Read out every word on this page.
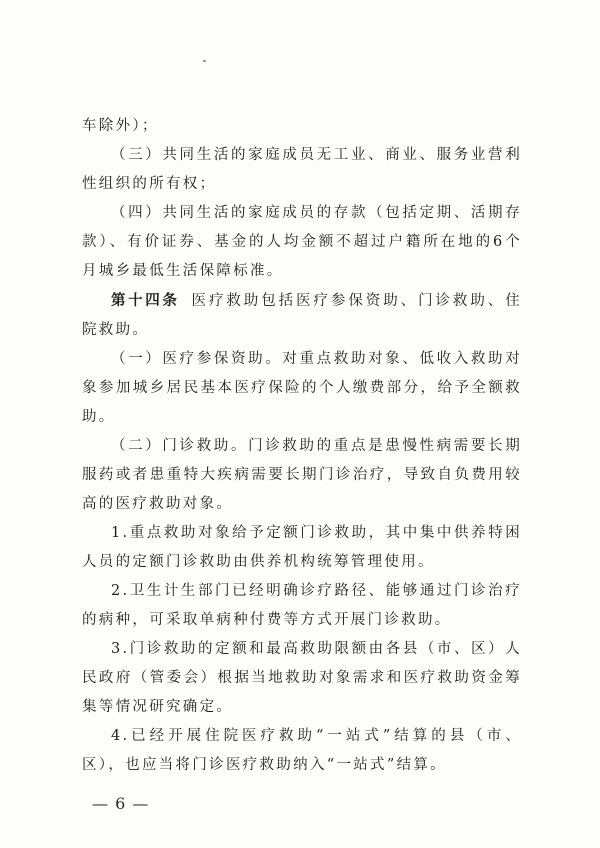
车除外）；

（三）共同生活的家庭成员无工业、商业、服务业营利性组织的所有权；

（四）共同生活的家庭成员的存款（包括定期、活期存款）、有价证券、基金的人均金额不超过户籍所在地的6个月城乡最低生活保障标准。

第十四条 医疗救助包括医疗参保资助、门诊救助、住院救助。

（一）医疗参保资助。对重点救助对象、低收入救助对象参加城乡居民基本医疗保险的个人缴费部分，给予全额救助。

（二）门诊救助。门诊救助的重点是患慢性病需要长期服药或者患重特大疾病需要长期门诊治疗，导致自负费用较高的医疗救助对象。

1.重点救助对象给予定额门诊救助，其中集中供养特困人员的定额门诊救助由供养机构统筹管理使用。

2.卫生计生部门已经明确诊疗路径、能够通过门诊治疗的病种，可采取单病种付费等方式开展门诊救助。

3.门诊救助的定额和最高救助限额由各县（市、区）人民政府（管委会）根据当地救助对象需求和医疗救助资金筹集等情况研究确定。

4.已经开展住院医疗救助“一站式”结算的县（市、区），也应当将门诊医疗救助纳入“一站式”结算。

— 6 —
